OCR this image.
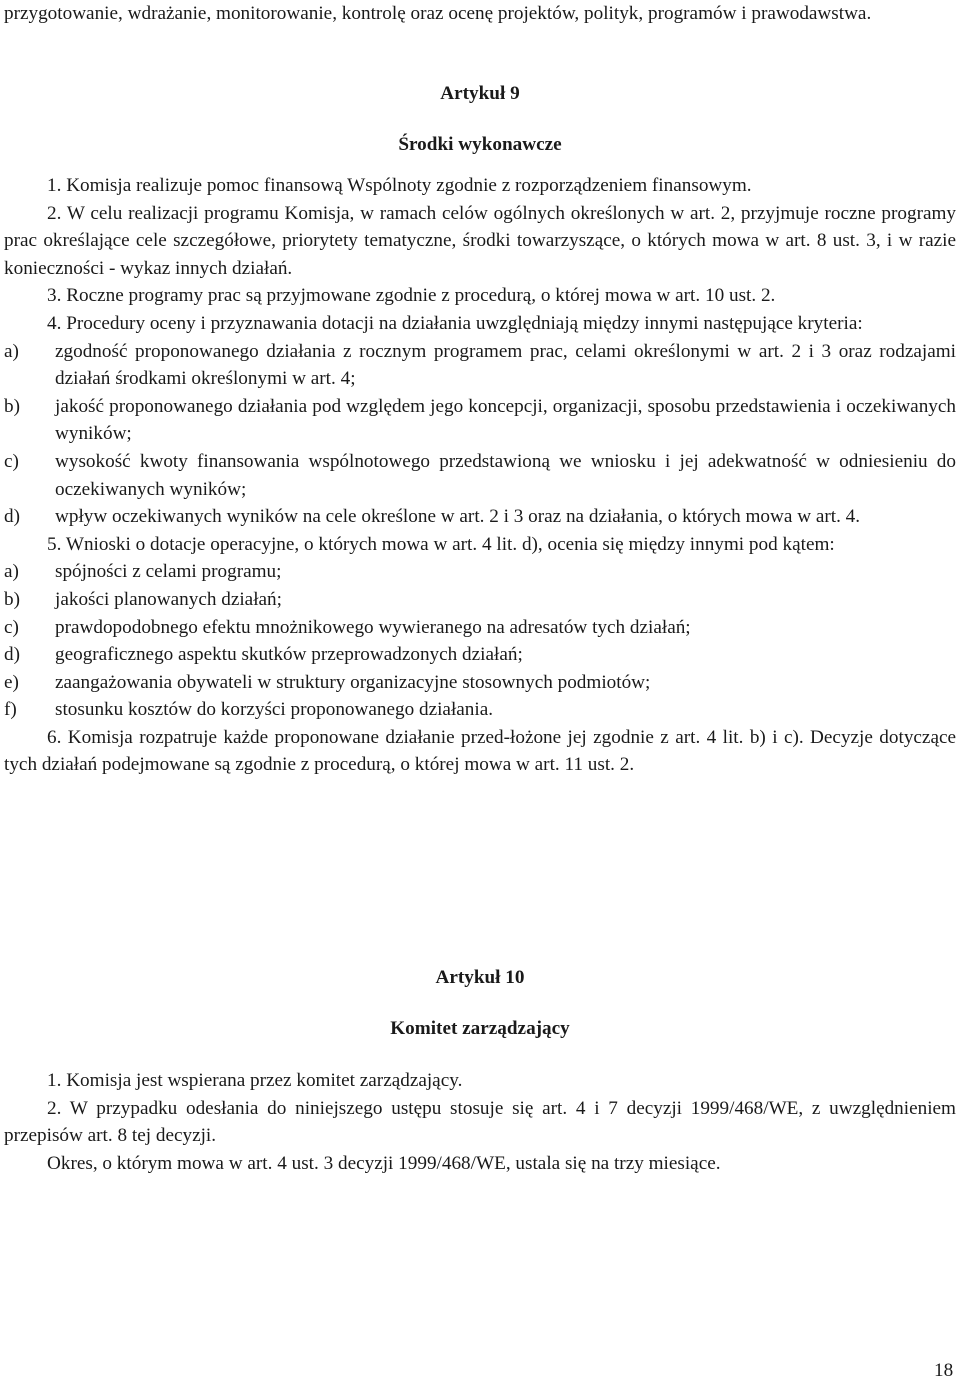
przygotowanie, wdrażanie, monitorowanie, kontrolę oraz ocenę projektów, polityk, programów i prawodawstwa.

Artykuł 9
Środki wykonawcze

1. Komisja realizuje pomoc finansową Wspólnoty zgodnie z rozporządzeniem finansowym.

2. W celu realizacji programu Komisja, w ramach celów ogólnych określonych w art. 2, przyjmuje roczne programy prac określające cele szczegółowe, priorytety tematyczne, środki towarzyszące, o których mowa w art. 8 ust. 3, i w razie konieczności - wykaz innych działań.

3. Roczne programy prac są przyjmowane zgodnie z procedurą, o której mowa w art. 10 ust. 2.

4. Procedury oceny i przyznawania dotacji na działania uwzględniają między innymi następujące kryteria:

a)	zgodność proponowanego działania z rocznym programem prac, celami określonymi w art. 2 i 3 oraz rodzajami działań środkami określonymi w art. 4;
b)	jakość proponowanego działania pod względem jego koncepcji, organizacji, sposobu przedstawienia i oczekiwanych wyników;
c)	wysokość kwoty finansowania wspólnotowego przedstawioną we wniosku i jej adekwatność w odniesieniu do oczekiwanych wyników;
d)	wpływ oczekiwanych wyników na cele określone w art. 2 i 3 oraz na działania, o których mowa w art. 4.

5. Wnioski o dotacje operacyjne, o których mowa w art. 4 lit. d), ocenia się między innymi pod kątem:

a)	spójności z celami programu;
b)	jakości planowanych działań;
c)	prawdopodobnego efektu mnożnikowego wywieranego na adresatów tych działań;
d)	geograficznego aspektu skutków przeprowadzonych działań;
e)	zaangażowania obywateli w struktury organizacyjne stosownych podmiotów;
f)	stosunku kosztów do korzyści proponowanego działania.

6. Komisja rozpatruje każde proponowane działanie przed-łożone jej zgodnie z art. 4 lit. b) i c). Decyzje dotyczące tych działań podejmowane są zgodnie z procedurą, o której mowa w art. 11 ust. 2.

Artykuł 10
Komitet zarządzający

1. Komisja jest wspierana przez komitet zarządzający.

2. W przypadku odesłania do niniejszego ustępu stosuje się art. 4 i 7 decyzji 1999/468/WE, z uwzględnieniem przepisów art. 8 tej decyzji.

Okres, o którym mowa w art. 4 ust. 3 decyzji 1999/468/WE, ustala się na trzy miesiące.

18
